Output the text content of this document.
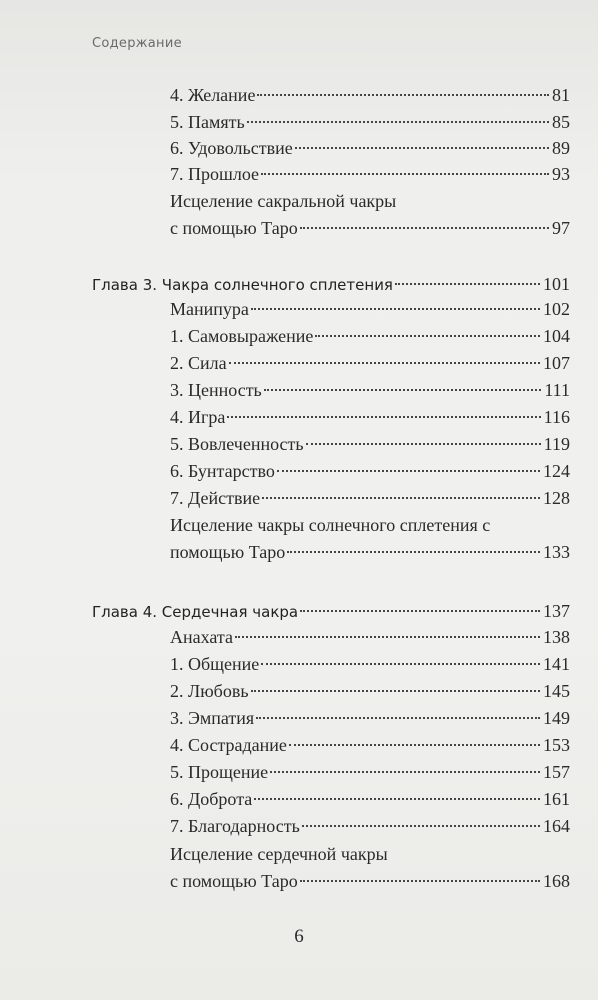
Содержание
4. Желание	81
5. Память	85
6. Удовольствие	89
7. Прошлое	93
Исцеление сакральной чакры
с помощью Таро	97
Глава 3. Чакра солнечного сплетения	101
Манипура	102
1. Самовыражение	104
2. Сила	107
3. Ценность	111
4. Игра	116
5. Вовлеченность	119
6. Бунтарство	124
7. Действие	128
Исцеление чакры солнечного сплетения с
помощью Таро	133
Глава 4. Сердечная чакра	137
Анахата	138
1. Общение	141
2. Любовь	145
3. Эмпатия	149
4. Сострадание	153
5. Прощение	157
6. Доброта	161
7. Благодарность	164
Исцеление сердечной чакры
с помощью Таро	168
6
